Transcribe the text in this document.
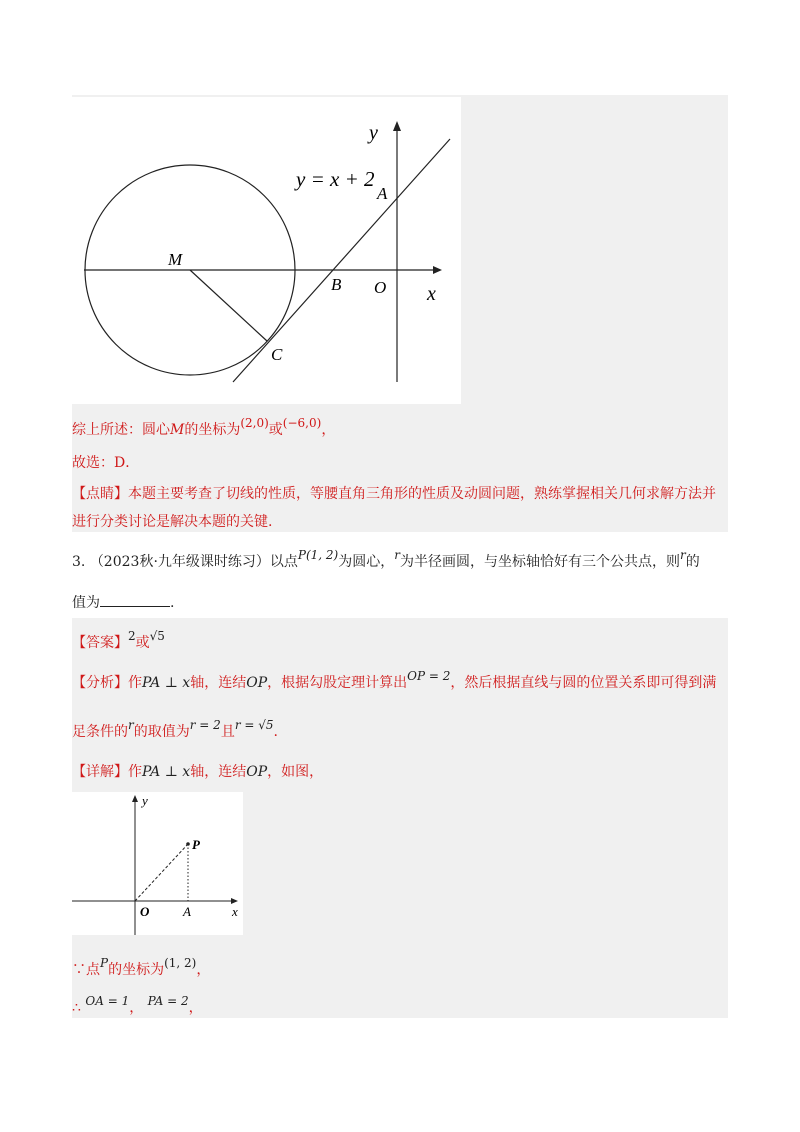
y
x
y = x + 2
A
B O
M
C
综上所述：圆心M的坐标为(2,0)或(−6,0)，
故选：D．
【点睛】本题主要考查了切线的性质，等腰直角三角形的性质及动圆问题，熟练掌握相关几何求解方法并
进行分类讨论是解决本题的关键.
3. （2023秋·九年级课时练习）以点P(1, 2)为圆心，r为半径画圆，与坐标轴恰好有三个公共点，则r的
值为	.
【答案】2或√5
【分析】作PA ⊥ x轴，连结OP，根据勾股定理计算出OP = 2，然后根据直线与圆的位置关系即可得到满
足条件的r的取值为r = 2且r = √5.
【详解】作PA ⊥ x轴，连结OP，如图，
y
x
P
O	A
∵点P的坐标为(1, 2)，
∴ OA = 1， PA = 2，
